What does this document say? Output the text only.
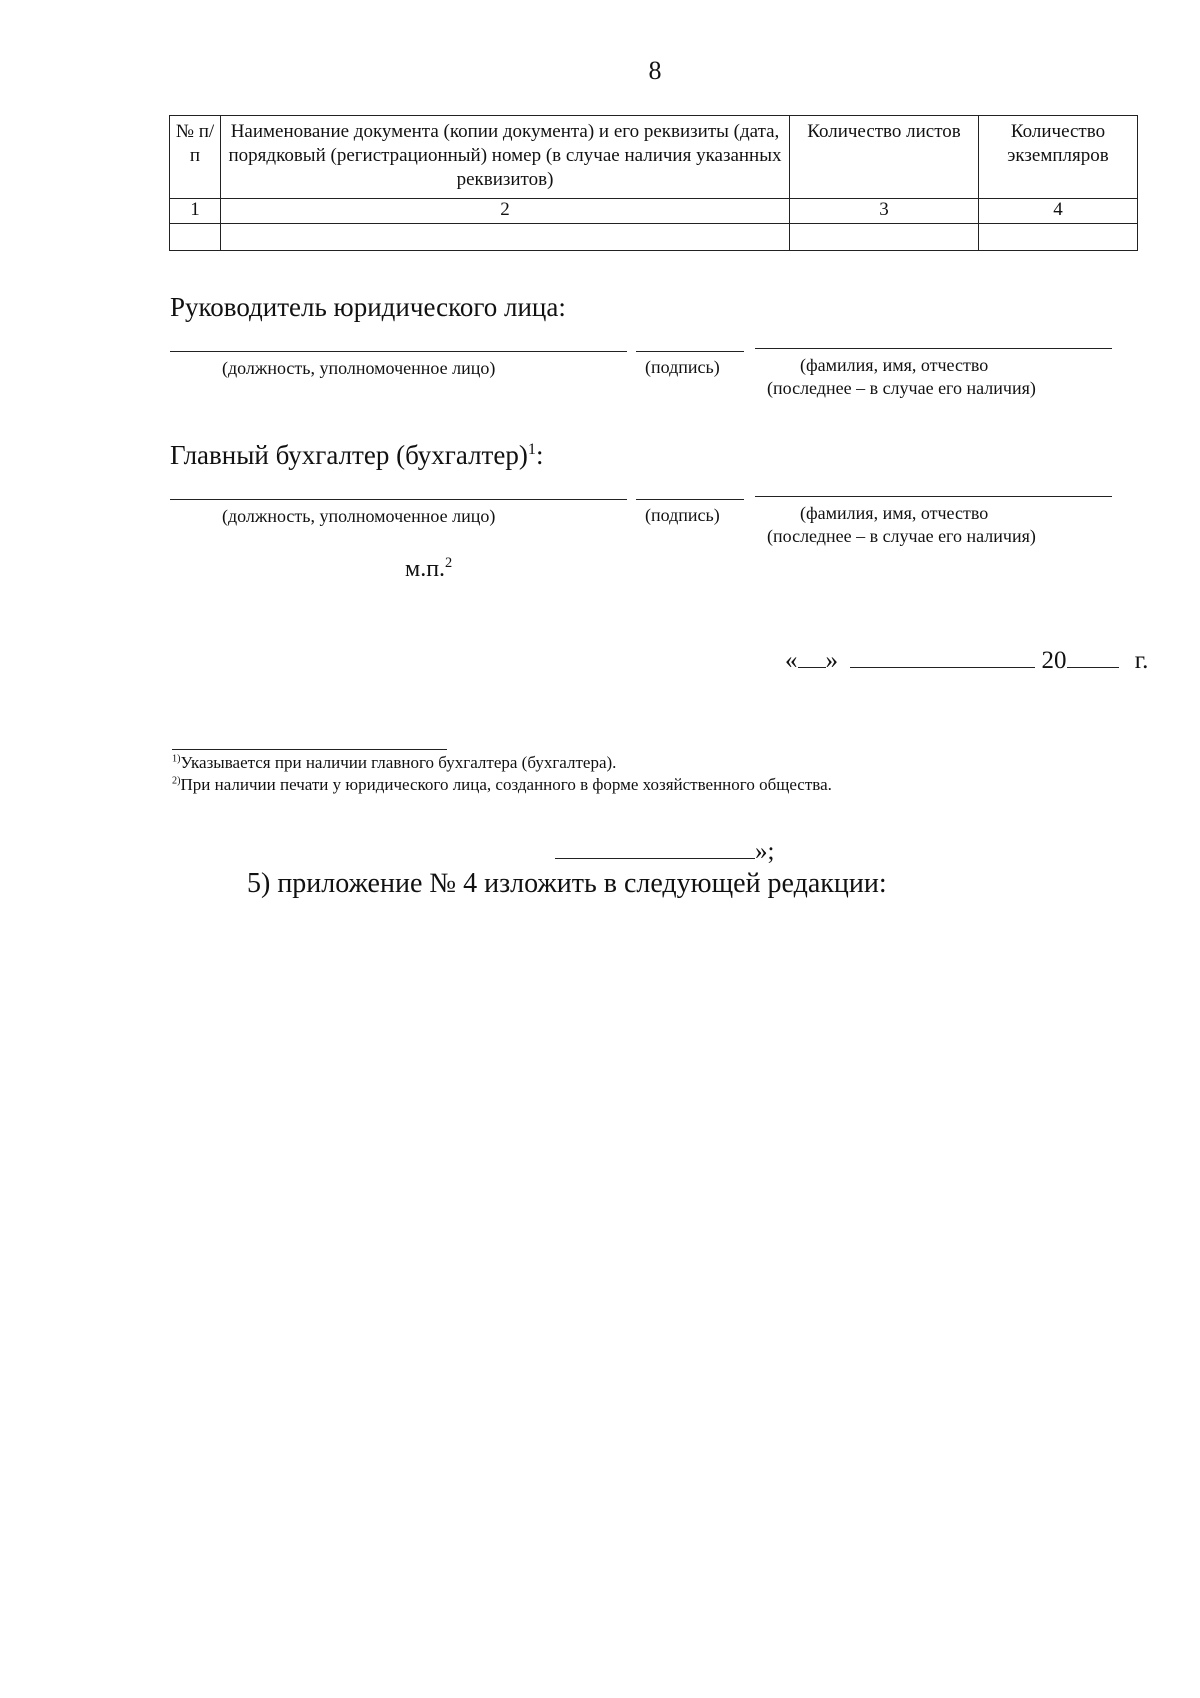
8
№ п/п	Наименование документа (копии документа) и его реквизиты (дата, порядковый (регистрационный) номер (в случае наличия указанных реквизитов)	Количество листов	Количество экземпляров
1	2	3	4

Руководитель юридического лица:
(должность, уполномоченное лицо)	(подпись)	(фамилия, имя, отчество
(последнее – в случае его наличия)
Главный бухгалтер (бухгалтер)$^1$:
(должность, уполномоченное лицо)	(подпись)	(фамилия, имя, отчество
(последнее – в случае его наличия)
м.п.$^2$
« »	20	г.
$^{1)}$Указывается при наличии главного бухгалтера (бухгалтера).
$^{2)}$При наличии печати у юридического лица, созданного в форме хозяйственного общества.
»;
5) приложение № 4 изложить в следующей редакции:
